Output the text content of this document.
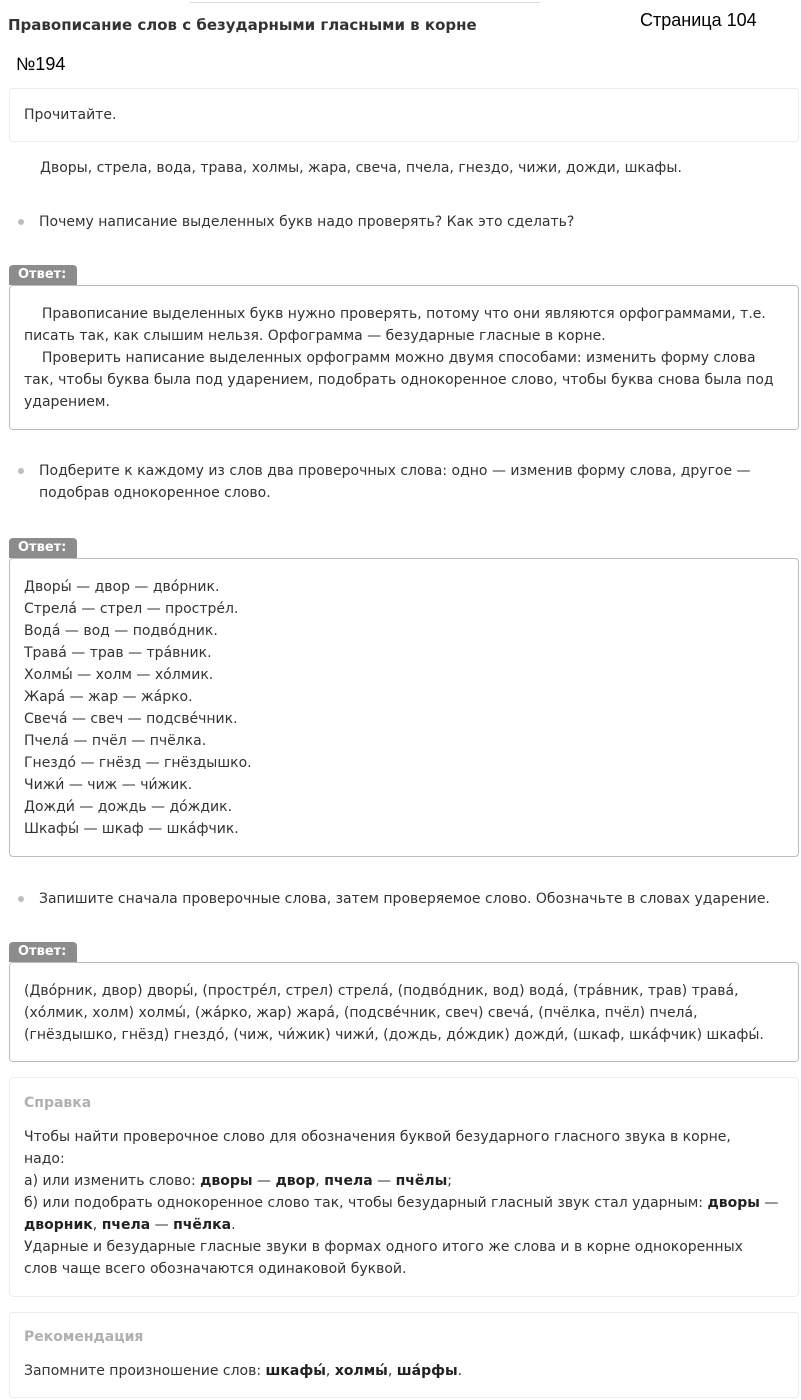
Правописание слов с безударными гласными в корне	Страница 104
№194
Прочитайте.
Дворы, стрела, вода, трава, холмы, жара, свеча, пчела, гнездо, чижи, дожди, шкафы.
Почему написание выделенных букв надо проверять? Как это сделать?
Ответ:
Правописание выделенных букв нужно проверять, потому что они являются орфограммами, т.е.
писать так, как слышим нельзя. Орфограмма — безударные гласные в корне.
Проверить написание выделенных орфограмм можно двумя способами: изменить форму слова
так, чтобы буква была под ударением, подобрать однокоренное слово, чтобы буква снова была под
ударением.
Подберите к каждому из слов два проверочных слова: одно — изменив форму слова, другое —
подобрав однокоренное слово.
Ответ:
Дворы́ — двор — дво́рник.
Стрела́ — стрел — простре́л.
Вода́ — вод — подво́дник.
Трава́ — трав — тра́вник.
Холмы́ — холм — хо́лмик.
Жара́ — жар — жа́рко.
Свеча́ — свеч — подсве́чник.
Пчела́ — пчёл — пчёлка.
Гнездо́ — гнёзд — гнёздышко.
Чижи́ — чиж — чи́жик.
Дожди́ — дождь — до́ждик.
Шкафы́ — шкаф — шка́фчик.
Запишите сначала проверочные слова, затем проверяемое слово. Обозначьте в словах ударение.
Ответ:
(Дво́рник, двор) дворы́, (простре́л, стрел) стрела́, (подво́дник, вод) вода́, (тра́вник, трав) трава́,
(хо́лмик, холм) холмы́, (жа́рко, жар) жара́, (подсве́чник, свеч) свеча́, (пчёлка, пчёл) пчела́,
(гнёздышко, гнёзд) гнездо́, (чиж, чи́жик) чижи́, (дождь, до́ждик) дожди́, (шкаф, шка́фчик) шкафы́.
Справка
Чтобы найти проверочное слово для обозначения буквой безударного гласного звука в корне,
надо:
а) или изменить слово: дворы — двор, пчела — пчёлы;
б) или подобрать однокоренное слово так, чтобы безударный гласный звук стал ударным: дворы —
дворник, пчела — пчёлка.
Ударные и безударные гласные звуки в формах одного итого же слова и в корне однокоренных
слов чаще всего обозначаются одинаковой буквой.
Рекомендация
Запомните произношение слов: шкафы́, холмы́, ша́рфы.
